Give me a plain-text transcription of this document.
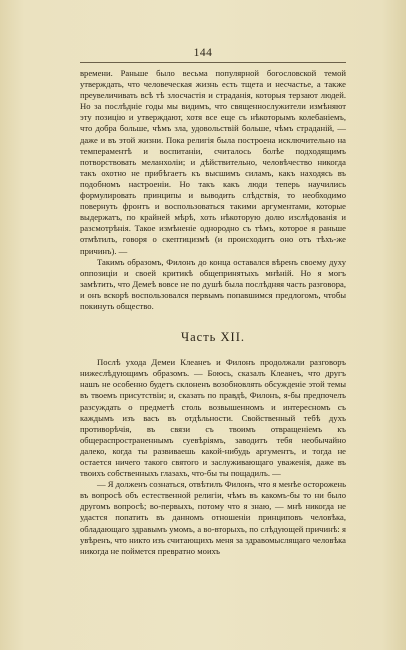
144

времени. Раньше было весьма популярной богословской темой утверждать, что человеческая жизнь есть тщета и несчастье, а также преувеличивать всѣ тѣ злосчастія и страданія, которыя терзают людей. Но за послѣдніе годы мы видимъ, что священнослужители измѣняют эту позицію и утверждают, хотя все еще съ нѣкоторымъ колебаніемъ, что добра больше, чѣмъ зла, удовольствій больше, чѣмъ страданій, — даже и въ этой жизни. Пока религія была построена исключительно на темпераментѣ и воспитаніи, считалось болѣе подходящимъ потворствовать меланхоліи; и дѣйствительно, человѣчество никогда такъ охотно не прибѣгаетъ къ высшимъ силамъ, какъ находясь въ подобномъ настроеніи. Но такъ какъ люди теперь научились формулировать принципы и выводить слѣдствія, то необходимо повернуть фронтъ и воспользоваться такими аргументами, которые выдержатъ, по крайней мѣрѣ, хоть нѣкоторую долю изслѣдованія и разсмотрѣнія. Такое измѣненіе однородно съ тѣмъ, которое я раньше отмѣтилъ, говоря о скептицизмѣ (и происходитъ оно отъ тѣхъ-же причинъ). —

Такимъ образомъ, Филонъ до конца оставался вѣренъ своему духу оппозиціи и своей критикѣ общепринятыхъ мнѣній. Но я могъ замѣтить, что Демеѣ вовсе не по душѣ была послѣдняя часть разговора, и онъ вскорѣ воспользовался первымъ попавшимся предлогомъ, чтобы покинуть общество.

Часть XII.

Послѣ ухода Демеи Клеанеъ и Филонъ продолжали разговоръ нижеслѣдующимъ образомъ. — Боюсь, сказалъ Клеанеъ, что другъ нашъ не особенно будетъ склоненъ возобновлять обсужденіе этой темы въ твоемъ присутствіи; и, сказать по правдѣ, Филонъ, я-бы предпочелъ разсуждать о предметѣ столь возвышенномъ и интересномъ съ каждымъ изъ васъ въ отдѣльности. Свойственный тебѣ духъ противорѣчія, въ связи съ твоимъ отвращеніемъ къ общераспространеннымъ суевѣріямъ, заводитъ тебя необычайно далеко, когда ты развиваешь какой-нибудь аргументъ, и тогда не остается ничего такого святого и заслуживающаго уваженія, даже въ твоихъ собственныхъ глазахъ, что-бы ты пощадилъ. —

— Я долженъ сознаться, отвѣтилъ Филонъ, что я менѣе осторожень въ вопросѣ объ естественной религіи, чѣмъ въ какомъ-бы то ни было другомъ вопросѣ; во-первыхъ, потому что я знаю, — мнѣ никогда не удастся попатить въ данномъ отношеніи принциповъ человѣка, обладающаго здравымъ умомъ, а во-вторыхъ, по слѣдующей причинѣ: я увѣренъ, что никто изъ считающихъ меня за здравомыслящаго человѣка никогда не поймется превратно моихъ
